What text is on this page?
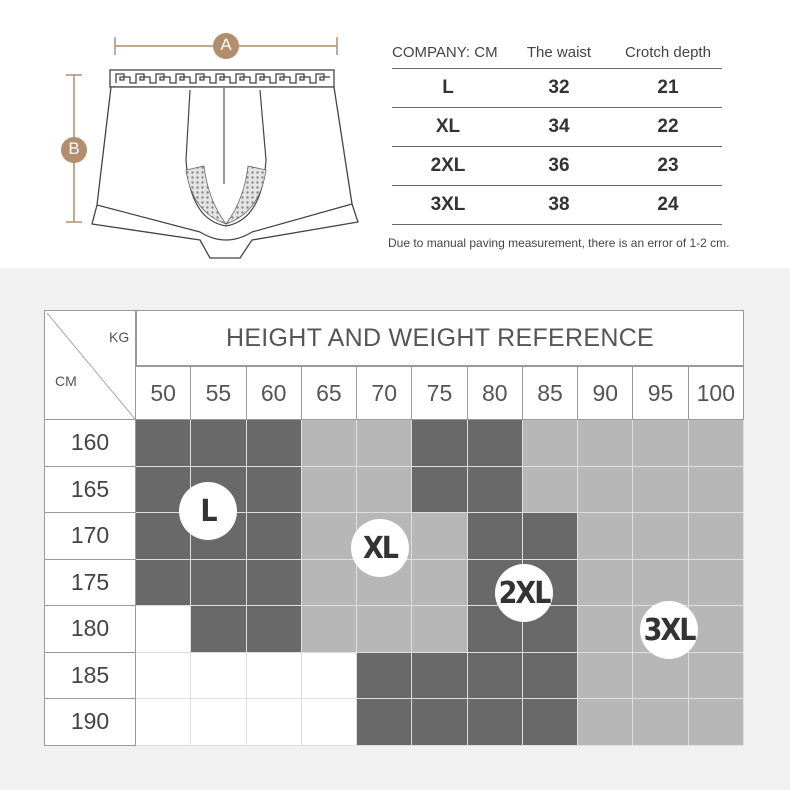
A
B
COMPANY: CM	The waist	Crotch depth
L	32	21
XL	34	22
2XL	36	23
3XL	38	24
Due to manual paving measurement, there is an error of 1-2 cm.
KG
CM
HEIGHT AND WEIGHT REFERENCE
50	55	60	65	70	75	80	85	90	95	100
160
165
170
175
180
185
190
L
XL
2XL
3XL
